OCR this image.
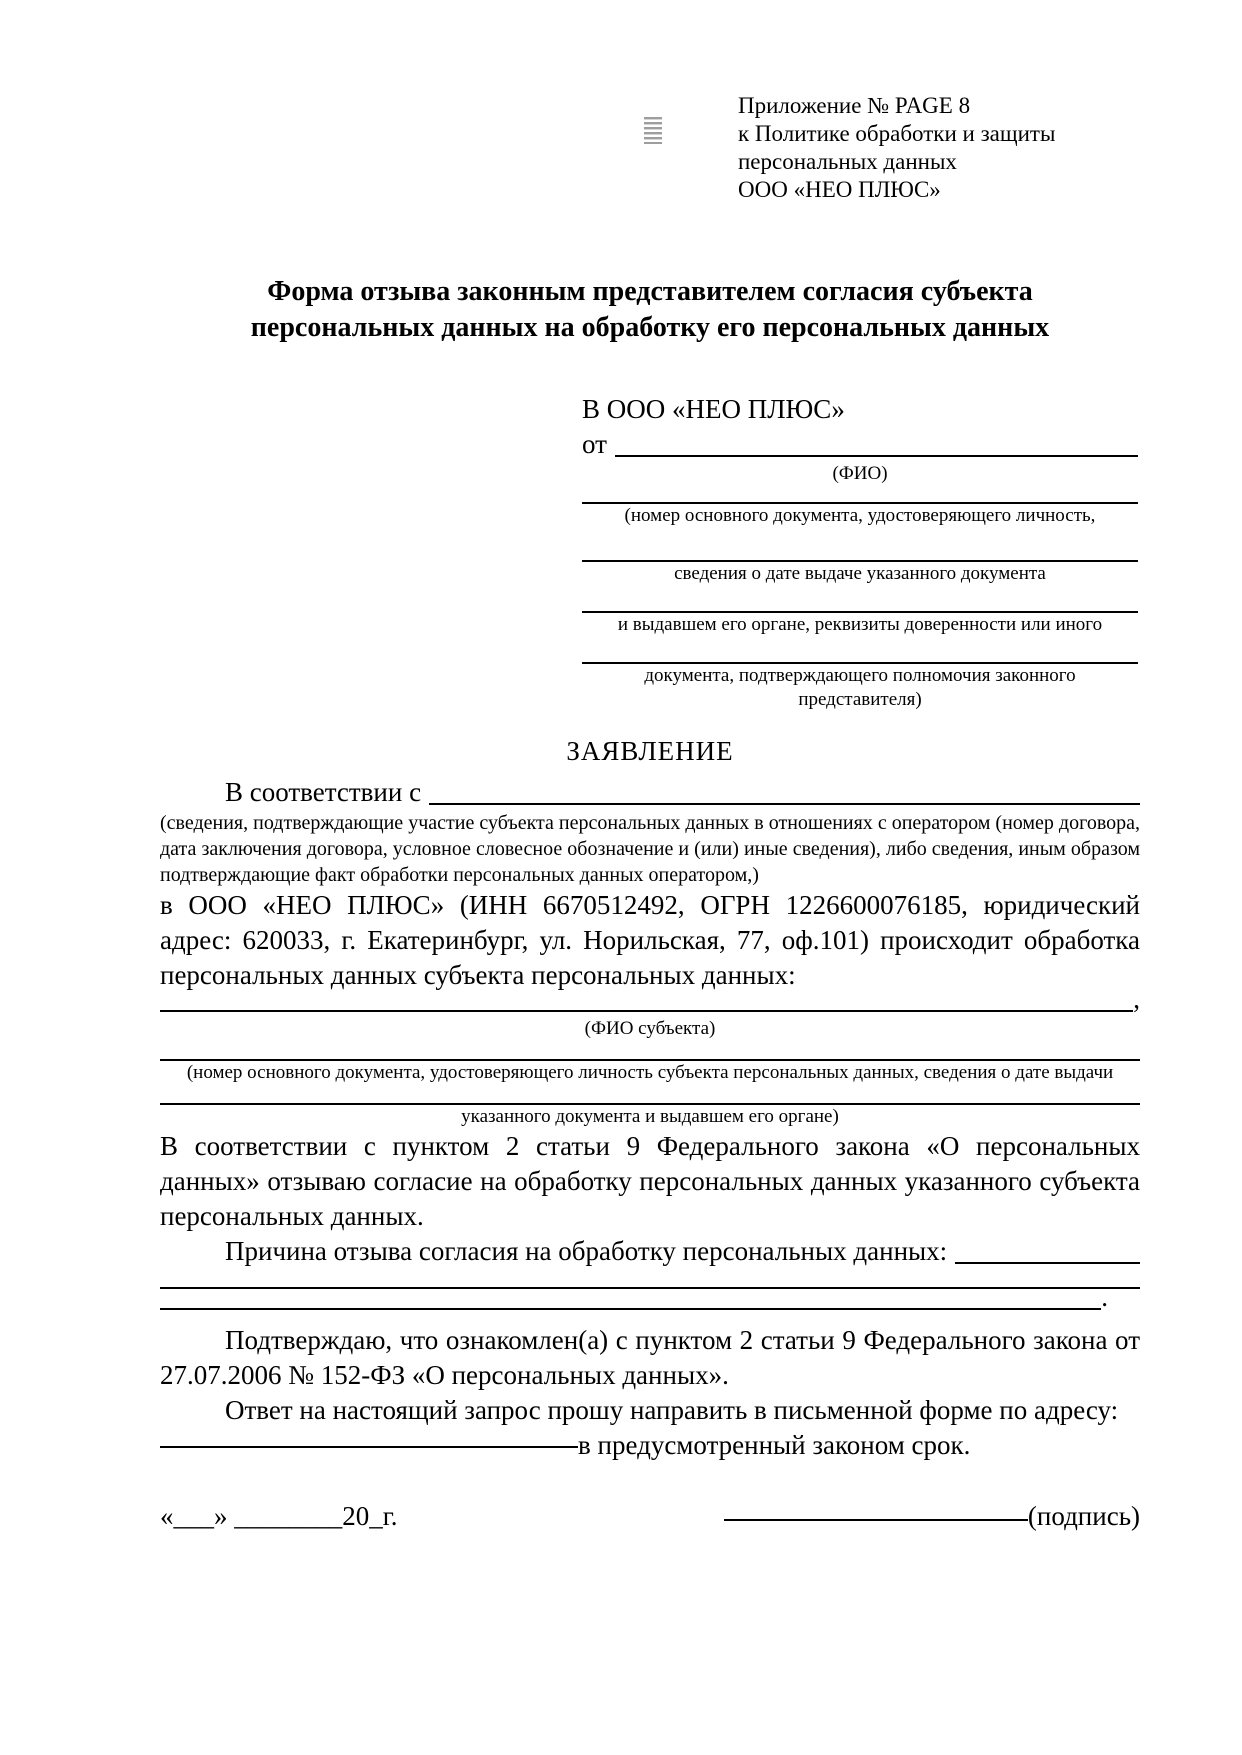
Приложение № PAGE 8
к Политике обработки и защиты
персональных данных
ООО «НЕО ПЛЮС»
Форма отзыва законным представителем согласия субъекта
персональных данных на обработку его персональных данных
В ООО «НЕО ПЛЮС»
от
(ФИО)
(номер основного документа, удостоверяющего личность,
сведения о дате выдаче указанного документа
и выдавшем его органе, реквизиты доверенности или иного
документа, подтверждающего полномочия законного представителя)
ЗАЯВЛЕНИЕ
В соответствии с
(сведения, подтверждающие участие субъекта персональных данных в отношениях с оператором (номер договора, дата заключения договора, условное словесное обозначение и (или) иные сведения), либо сведения, иным образом подтверждающие факт обработки персональных данных оператором,)

в ООО «НЕО ПЛЮС» (ИНН 6670512492, ОГРН 1226600076185, юридический адрес: 620033, г. Екатеринбург, ул. Норильская, 77, оф.101) происходит обработка персональных данных субъекта персональных данных:

,
(ФИО субъекта)
(номер основного документа, удостоверяющего личность субъекта персональных данных, сведения о дате выдачи
указанного документа и выдавшем его органе)

В соответствии с пунктом 2 статьи 9 Федерального закона «О персональных данных» отзываю согласие на обработку персональных данных указанного субъекта персональных данных.

Причина отзыва согласия на обработку персональных данных:
.

Подтверждаю, что ознакомлен(а) с пунктом 2 статьи 9 Федерального закона от 27.07.2006 № 152-ФЗ «О персональных данных».

Ответ на настоящий запрос прошу направить в письменной форме по адресу:

в предусмотренный законом срок.
«___» ________20_г.	(подпись)
